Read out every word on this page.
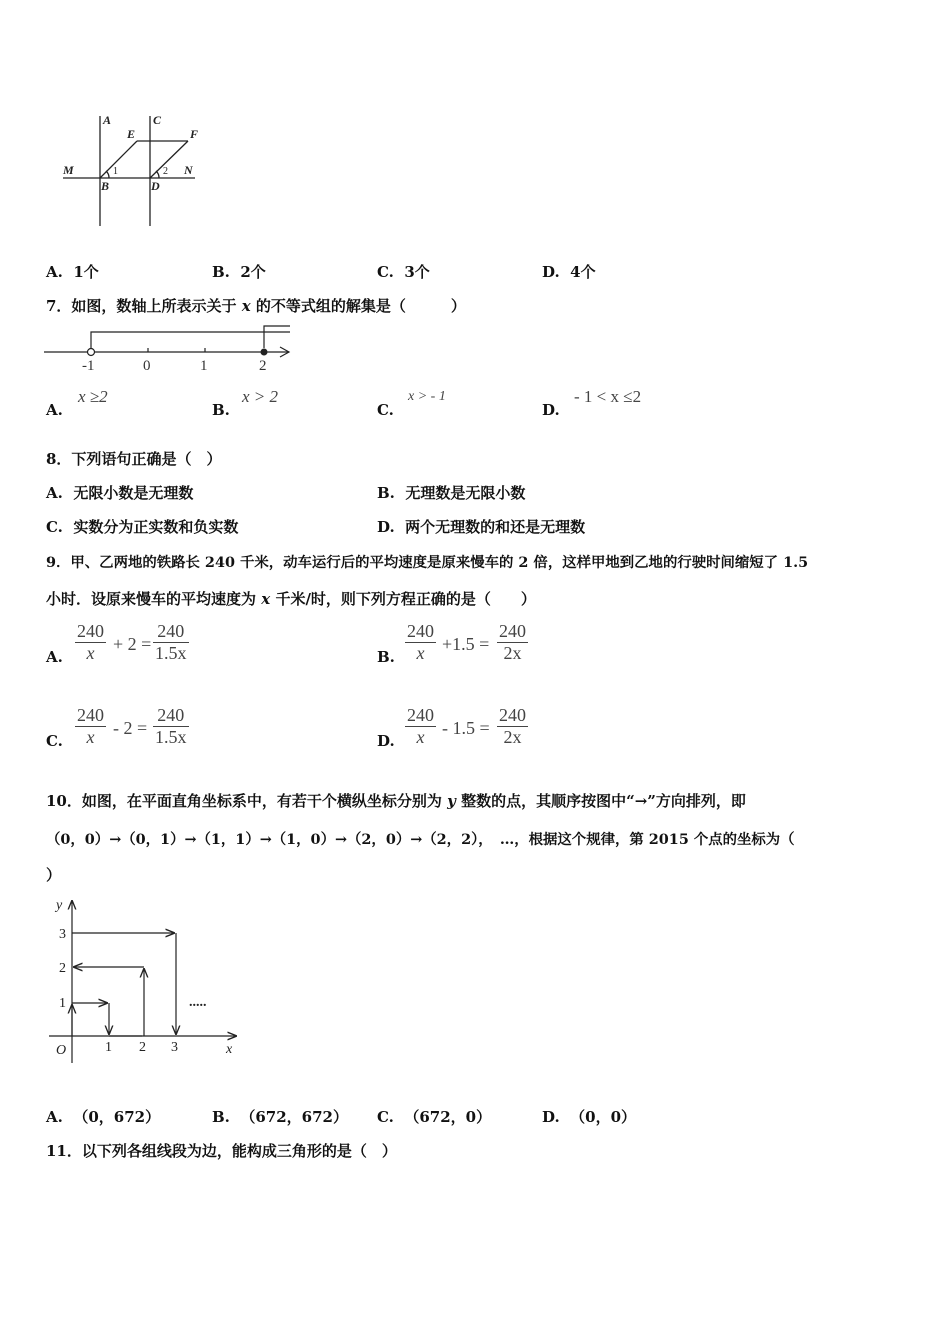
A	C
E	F
M	N
B	D
1	2
A. 1个	B. 2个	C. 3个	D. 4个
7．如图，数轴上所表示关于 x 的不等式组的解集是（　　　）
-1	0	1	2
A.
x ≥2
B.
x > 2
C.
x > - 1
D.
- 1 < x ≤2
8．下列语句正确是（　）
A. 无限小数是无理数	B. 无理数是无限小数
C. 实数分为正实数和负实数	D. 两个无理数的和还是无理数
9．甲、乙两地的铁路长 240 千米，动车运行后的平均速度是原来慢车的 2 倍，这样甲地到乙地的行驶时间缩短了 1.5
小时．设原来慢车的平均速度为 x 千米/时，则下列方程正确的是（　　）
A. $\frac{240}{x} + 2 = \frac{240}{1.5x}$	B. $\frac{240}{x} +1.5 = \frac{240}{2x}$
C. $\frac{240}{x} - 2 = \frac{240}{1.5x}$	D. $\frac{240}{x} - 1.5 = \frac{240}{2x}$
10．如图，在平面直角坐标系中，有若干个横纵坐标分别为 y 整数的点，其顺序按图中“→”方向排列，即
（0，0）→（0，1）→（1，1）→（1，0）→（2，0）→（2，2），　…，根据这个规律，第 2015 个点的坐标为（
）
y
x
O	1 2 3
1
2
3
.....
A. （0，672）	B. （672，672） C. （672，0）	D. （0，0）
11．以下列各组线段为边，能构成三角形的是（　）
